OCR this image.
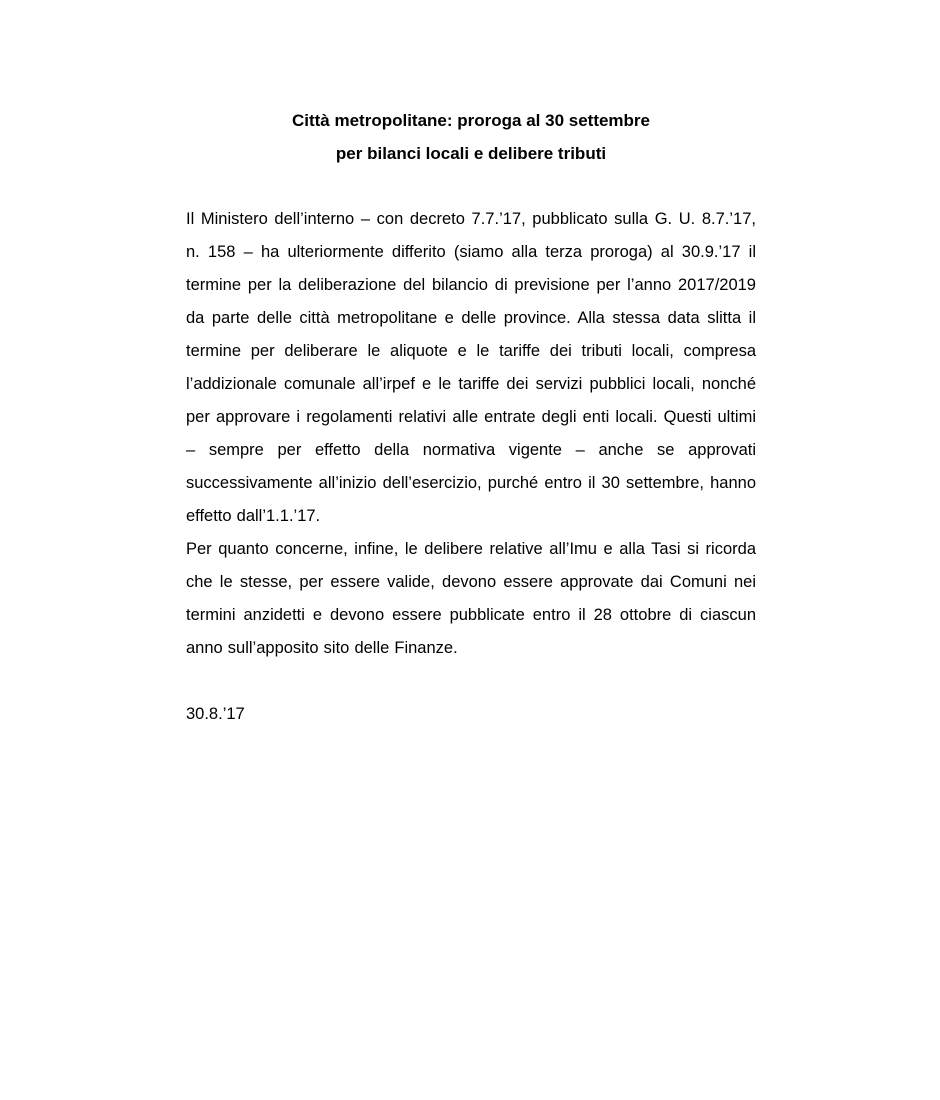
Città metropolitane: proroga al 30 settembre
per bilanci locali e delibere tributi

Il Ministero dell’interno – con decreto 7.7.’17, pubblicato sulla G. U. 8.7.’17, n. 158 – ha ulteriormente differito (siamo alla terza proroga) al 30.9.’17 il termine per la deliberazione del bilancio di previsione per l’anno 2017/2019 da parte delle città metropolitane e delle province. Alla stessa data slitta il termine per deliberare le aliquote e le tariffe dei tributi locali, compresa l’addizionale comunale all’irpef e le tariffe dei servizi pubblici locali, nonché per approvare i regolamenti relativi alle entrate degli enti locali. Questi ultimi – sempre per effetto della normativa vigente – anche se approvati successivamente all’inizio dell’esercizio, purché entro il 30 settembre, hanno effetto dall’1.1.’17.

Per quanto concerne, infine, le delibere relative all’Imu e alla Tasi si ricorda che le stesse, per essere valide, devono essere approvate dai Comuni nei termini anzidetti e devono essere pubblicate entro il 28 ottobre di ciascun anno sull’apposito sito delle Finanze.

30.8.’17
